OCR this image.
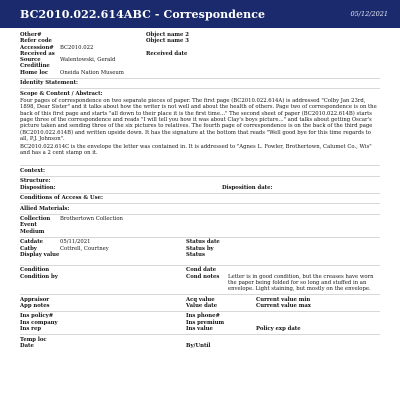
BC2010.022.614ABC - Correspondence	05/12/2021
Other#	Object name 2
Refer code	Object name 3
Accession#	BC2010.022
Received as	Received date
Source	Walentowski, Gerald
Creditline
Home loc	Oneida Nation Museum
Identity Statement:
Scope & Content / Abstract:
Four pages of correspondence on two separate pieces of paper. The first page (BC2010.022.614A) is addressed "Colby Jan 23rd, 1898, Dear Sister" and it talks about how the writer is not well and about the health of others. Page two of correspondence is on the back of this first page and starts "all down to their place it is the first time..." The second sheet of paper (BC2010.022.614B) starts page three of the correspondence and reads "I will tell you how it was about Clay's boys picture..." and talks about getting Oscar's picture taken and sending three of the six pictures to relatives. The fourth page of correspondence is on the back of the third page (BC2010.022.614B) and written upside down. It has the signature at the bottom that reads "Well good bye for this time regards to all, P.J. Johnson".
BC2010.022.614C is the envelope the letter was contained in. It is addressed to "Agnes L. Fowler, Brothertown, Calumet Co., Wis" and has a 2 cent stamp on it.
Context:
Structure:
Disposition:	Disposition date:
Conditions of Access & Use:
Allied Materials:
Collection	Brothertown Collection
Event
Medium
Catdate	05/11/2021	Status date
Catby	Cottrell, Courtney	Status by
Display value	Status
Condition	Cond date
Condition by	Cond notes	Letter is in good condition, but the creases have worn the paper being folded for so long and stuffed in an envelope. Light staining, but mostly on the envelope.
Appraisor	Acq value	Current value min
App notes	Value date	Current value max
Ins policy#	Ins phone#
Ins company	Ins premium
Ins rep	Ins value	Policy exp date
Temp loc
Date	By/Until
